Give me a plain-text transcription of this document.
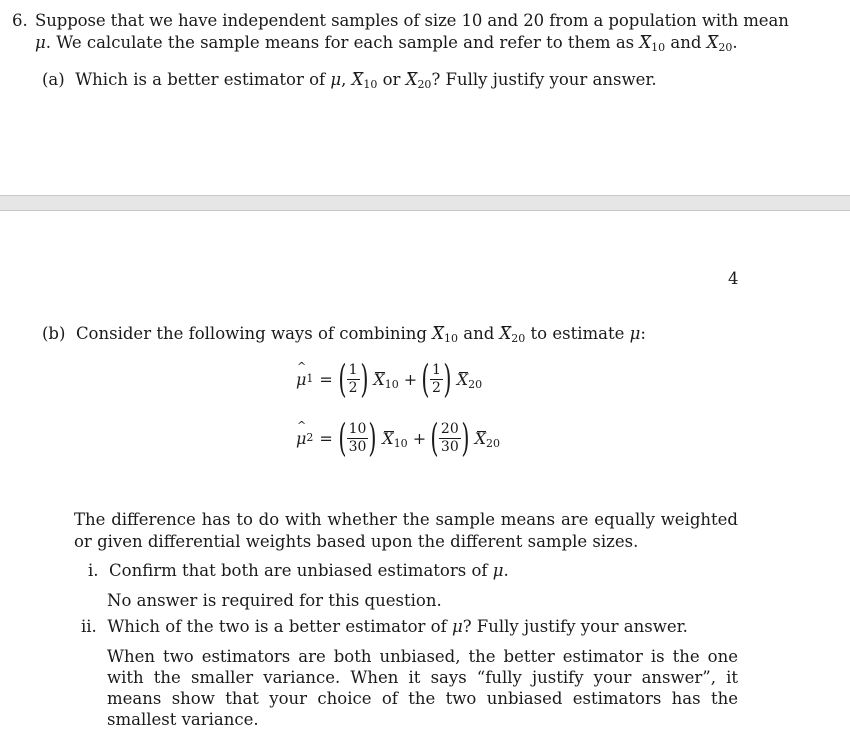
6. Suppose that we have independent samples of size 10 and 20 from a population with mean
μ. We calculate the sample means for each sample and refer to them as $X_{10}$ and $X_{20}$.
(a) Which is a better estimator of μ, $X_{10}$ or $X_{20}$? Fully justify your answer.
4
(b) Consider the following ways of combining $X_{10}$ and $X_{20}$ to estimate μ:
^ μ 1 = ( $\frac{1}{2}$ ) $X_{10}$ + ( $\frac{1}{2}$ ) $X_{20}$
^ μ 2 = ( $\frac{10}{30}$ ) $X_{10}$ + ( $\frac{20}{30}$ ) $X_{20}$
The difference has to do with whether the sample means are equally weighted or given differential weights based upon the different sample sizes.
i. Confirm that both are unbiased estimators of μ.
No answer is required for this question.
ii. Which of the two is a better estimator of μ? Fully justify your answer.
When two estimators are both unbiased, the better estimator is the one with the smaller variance. When it says “fully justify your answer”, it means show that your choice of the two unbiased estimators has the smallest variance.
